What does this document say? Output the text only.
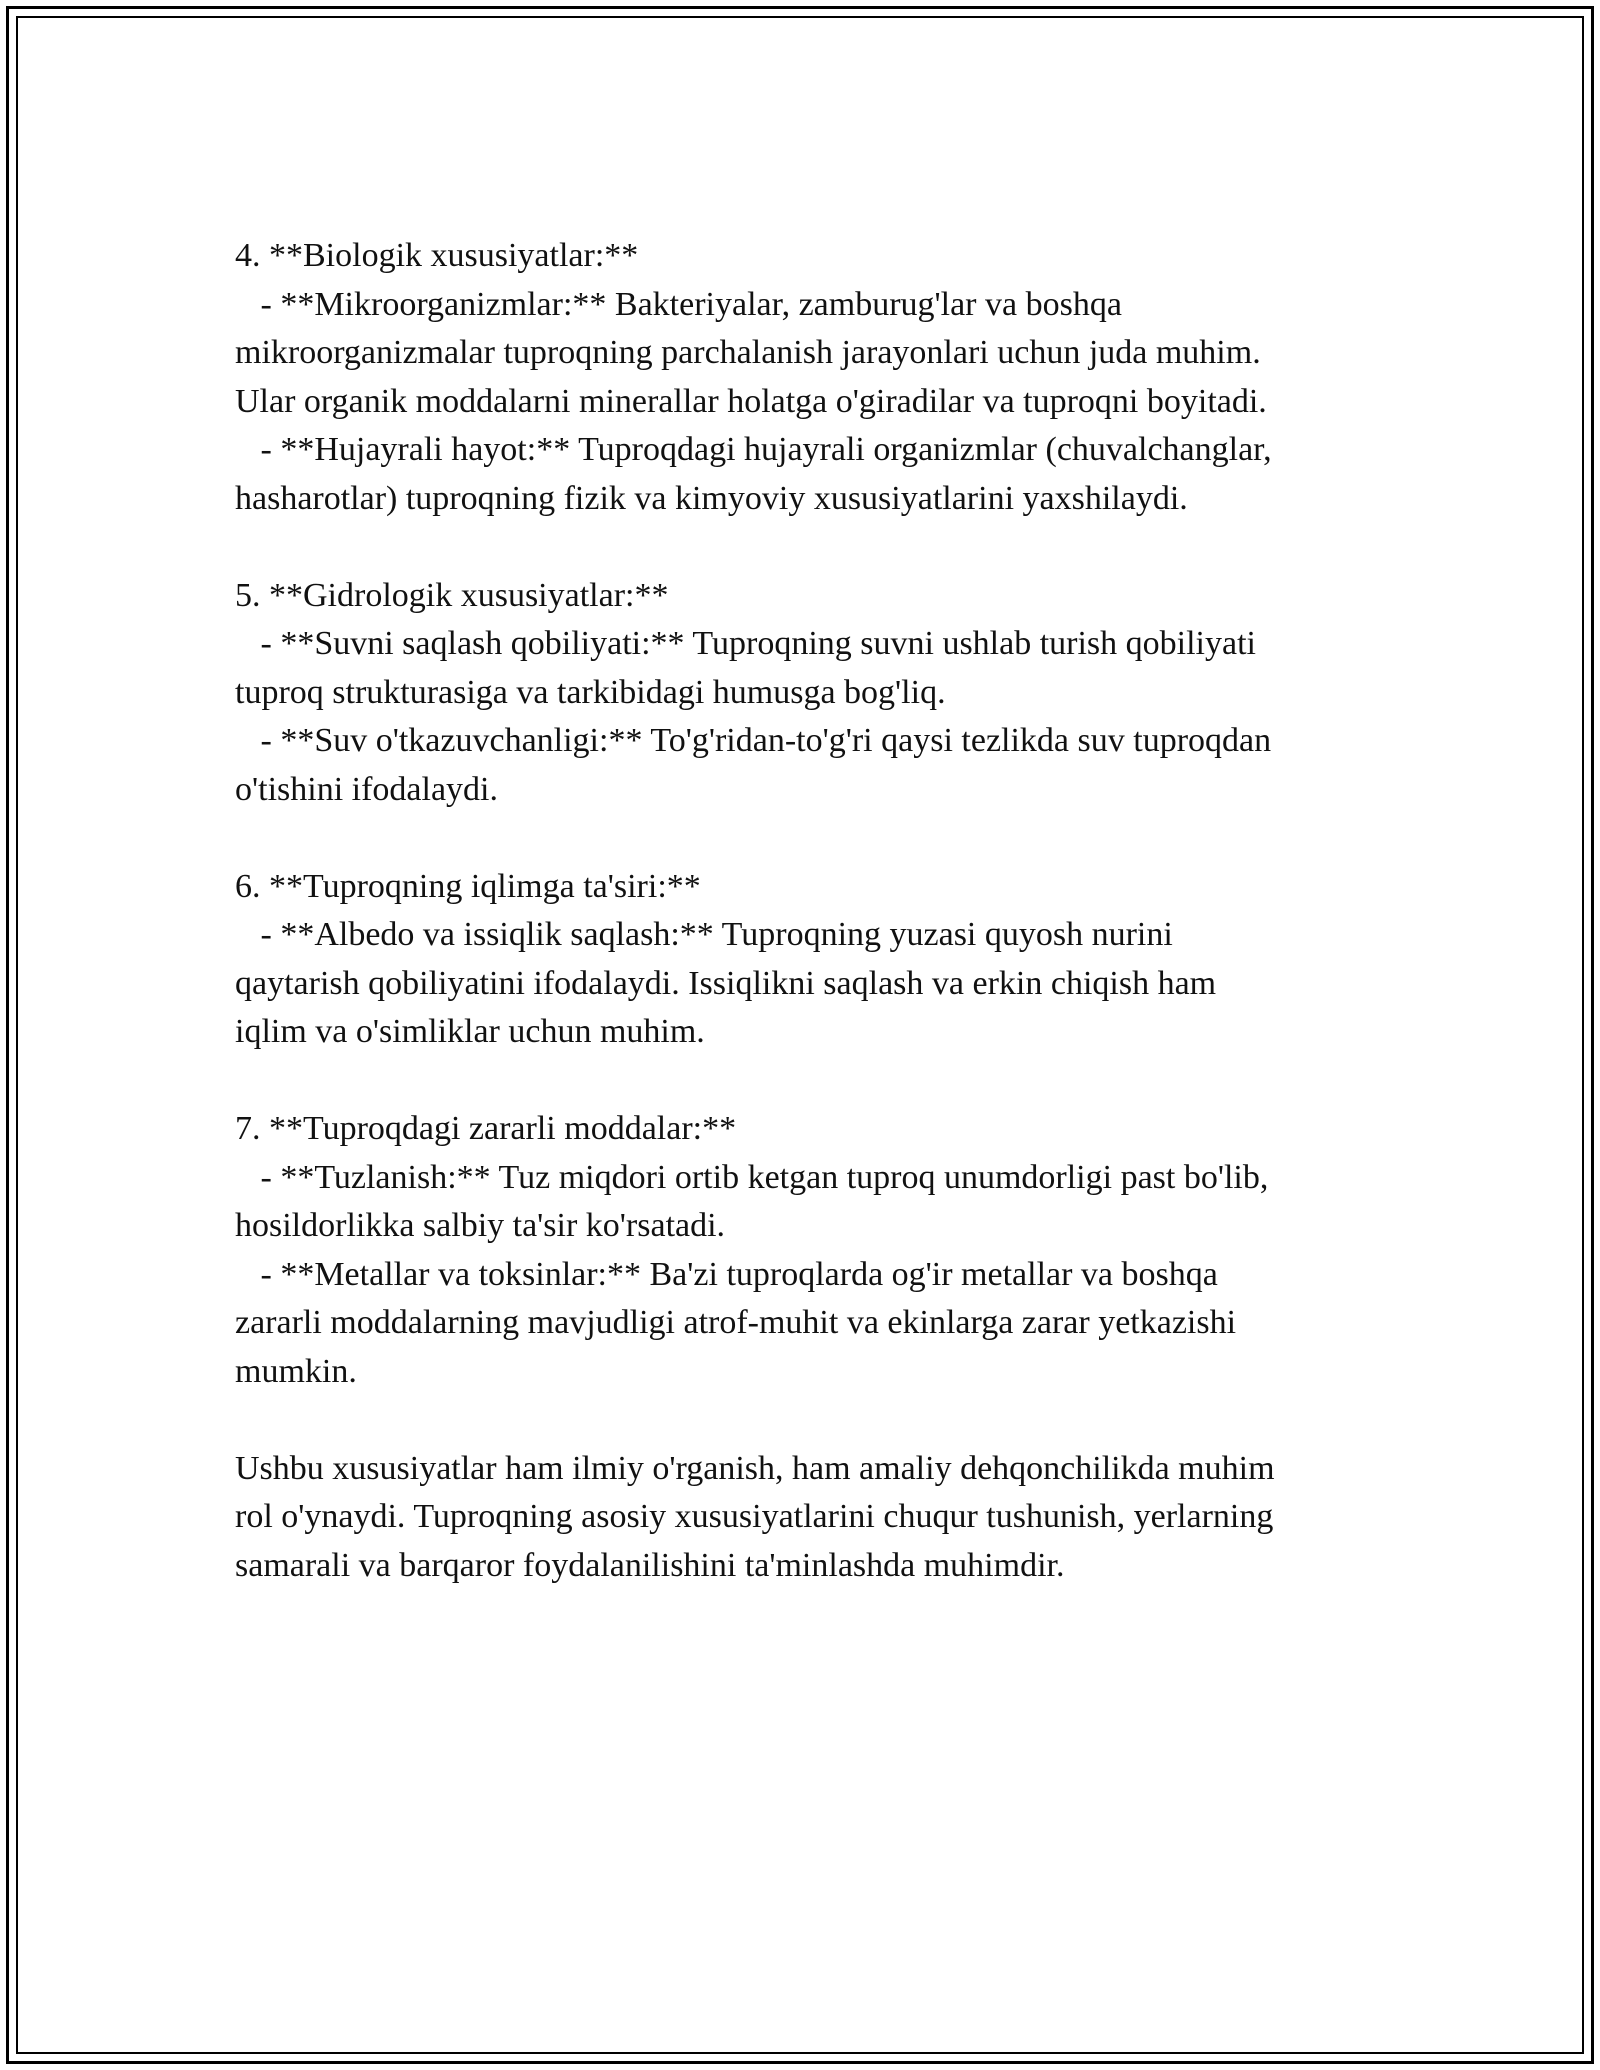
4. **Biologik xususiyatlar:**

- **Mikroorganizmlar:** Bakteriyalar, zamburug'lar va boshqa

mikroorganizmalar tuproqning parchalanish jarayonlari uchun juda muhim.

Ular organik moddalarni minerallar holatga o'giradilar va tuproqni boyitadi.

- **Hujayrali hayot:** Tuproqdagi hujayrali organizmlar (chuvalchanglar,

hasharotlar) tuproqning fizik va kimyoviy xususiyatlarini yaxshilaydi.

5. **Gidrologik xususiyatlar:**

- **Suvni saqlash qobiliyati:** Tuproqning suvni ushlab turish qobiliyati

tuproq strukturasiga va tarkibidagi humusga bog'liq.

- **Suv o'tkazuvchanligi:** To'g'ridan-to'g'ri qaysi tezlikda suv tuproqdan

o'tishini ifodalaydi.

6. **Tuproqning iqlimga ta'siri:**

- **Albedo va issiqlik saqlash:** Tuproqning yuzasi quyosh nurini

qaytarish qobiliyatini ifodalaydi. Issiqlikni saqlash va erkin chiqish ham

iqlim va o'simliklar uchun muhim.

7. **Tuproqdagi zararli moddalar:**

- **Tuzlanish:** Tuz miqdori ortib ketgan tuproq unumdorligi past bo'lib,

hosildorlikka salbiy ta'sir ko'rsatadi.

- **Metallar va toksinlar:** Ba'zi tuproqlarda og'ir metallar va boshqa

zararli moddalarning mavjudligi atrof-muhit va ekinlarga zarar yetkazishi

mumkin.

Ushbu xususiyatlar ham ilmiy o'rganish, ham amaliy dehqonchilikda muhim

rol o'ynaydi. Tuproqning asosiy xususiyatlarini chuqur tushunish, yerlarning

samarali va barqaror foydalanilishini ta'minlashda muhimdir.
